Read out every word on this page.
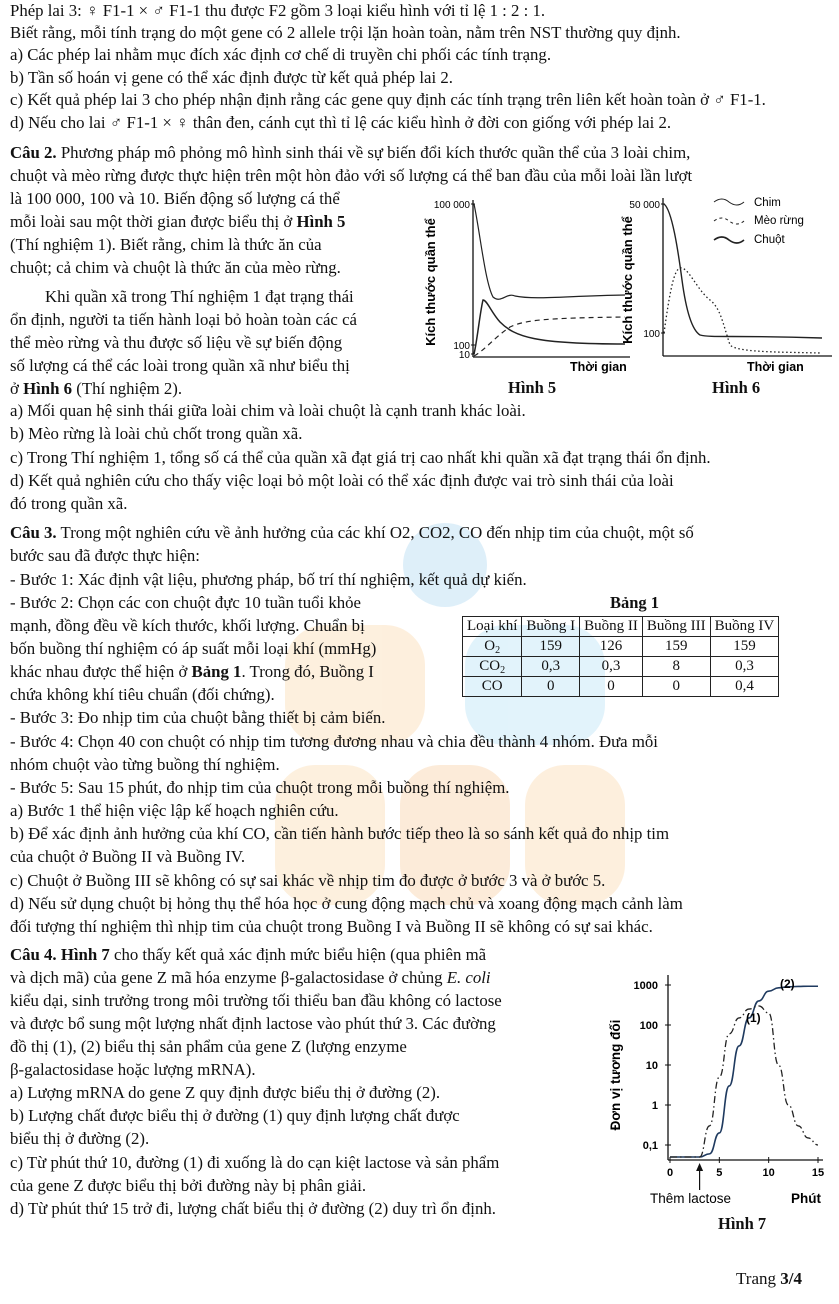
Phép lai 3: ♀ F1-1 × ♂ F1-1 thu được F2 gồm 3 loại kiểu hình với tỉ lệ 1 : 2 : 1.
Biết rằng, mỗi tính trạng do một gene có 2 allele trội lặn hoàn toàn, nằm trên NST thường quy định.
a) Các phép lai nhằm mục đích xác định cơ chế di truyền chi phối các tính trạng.
b) Tần số hoán vị gene có thể xác định được từ kết quả phép lai 2.
c) Kết quả phép lai 3 cho phép nhận định rằng các gene quy định các tính trạng trên liên kết hoàn toàn ở ♂ F1-1.
d) Nếu cho lai ♂ F1-1 × ♀ thân đen, cánh cụt thì tỉ lệ các kiểu hình ở đời con giống với phép lai 2.
Câu 2. Phương pháp mô phỏng mô hình sinh thái về sự biến đổi kích thước quần thể của 3 loài chim,
chuột và mèo rừng được thực hiện trên một hòn đảo với số lượng cá thể ban đầu của mỗi loài lần lượt
là 100 000, 100 và 10. Biến động số lượng cá thể
mỗi loài sau một thời gian được biểu thị ở Hình 5
(Thí nghiệm 1). Biết rằng, chim là thức ăn của
chuột; cả chim và chuột là thức ăn của mèo rừng.
Khi quần xã trong Thí nghiệm 1 đạt trạng thái
ổn định, người ta tiến hành loại bỏ hoàn toàn các cá
thể mèo rừng và thu được số liệu về sự biến động
số lượng cá thể các loài trong quần xã như biểu thị
ở Hình 6 (Thí nghiệm 2).
Kích thước quần thể
100 000
100
10
Thời gian
Hình 5
Kích thước quần thể
50 000
100
Thời gian
Chim
Mèo rừng
Chuột
Hình 6
a) Mối quan hệ sinh thái giữa loài chim và loài chuột là cạnh tranh khác loài.
b) Mèo rừng là loài chủ chốt trong quần xã.
c) Trong Thí nghiệm 1, tổng số cá thể của quần xã đạt giá trị cao nhất khi quần xã đạt trạng thái ổn định.
d) Kết quả nghiên cứu cho thấy việc loại bỏ một loài có thể xác định được vai trò sinh thái của loài
đó trong quần xã.
Câu 3. Trong một nghiên cứu về ảnh hưởng của các khí O2, CO2, CO đến nhịp tim của chuột, một số
bước sau đã được thực hiện:
- Bước 1: Xác định vật liệu, phương pháp, bố trí thí nghiệm, kết quả dự kiến.
- Bước 2: Chọn các con chuột đực 10 tuần tuổi khỏe
mạnh, đồng đều về kích thước, khối lượng. Chuẩn bị
bốn buồng thí nghiệm có áp suất mỗi loại khí (mmHg)
khác nhau được thể hiện ở Bảng 1. Trong đó, Buồng I
chứa không khí tiêu chuẩn (đối chứng).
Bảng 1
Loại khí	Buồng I	Buồng II	Buồng III	Buồng IV
$O_2$	159	126	159	159
$CO_2$	0,3	0,3	8	0,3
CO	0	0	0	0,4
- Bước 3: Đo nhịp tim của chuột bằng thiết bị cảm biến.
- Bước 4: Chọn 40 con chuột có nhịp tim tương đương nhau và chia đều thành 4 nhóm. Đưa mỗi
nhóm chuột vào từng buồng thí nghiệm.
- Bước 5: Sau 15 phút, đo nhịp tim của chuột trong mỗi buồng thí nghiệm.
a) Bước 1 thể hiện việc lập kế hoạch nghiên cứu.
b) Để xác định ảnh hưởng của khí CO, cần tiến hành bước tiếp theo là so sánh kết quả đo nhịp tim
của chuột ở Buồng II và Buồng IV.
c) Chuột ở Buồng III sẽ không có sự sai khác về nhịp tim đo được ở bước 3 và ở bước 5.
d) Nếu sử dụng chuột bị hỏng thụ thể hóa học ở cung động mạch chủ và xoang động mạch cảnh làm
đối tượng thí nghiệm thì nhịp tim của chuột trong Buồng I và Buồng II sẽ không có sự sai khác.
Câu 4. Hình 7 cho thấy kết quả xác định mức biểu hiện (qua phiên mã
và dịch mã) của gene Z mã hóa enzyme β-galactosidase ở chủng E. coli
kiểu dại, sinh trưởng trong môi trường tối thiểu ban đầu không có lactose
và được bổ sung một lượng nhất định lactose vào phút thứ 3. Các đường
đồ thị (1), (2) biểu thị sản phẩm của gene Z (lượng enzyme
β-galactosidase hoặc lượng mRNA).
a) Lượng mRNA do gene Z quy định được biểu thị ở đường (2).
b) Lượng chất được biểu thị ở đường (1) quy định lượng chất được
biểu thị ở đường (2).
c) Từ phút thứ 10, đường (1) đi xuống là do cạn kiệt lactose và sản phẩm
của gene Z được biểu thị bởi đường này bị phân giải.
d) Từ phút thứ 15 trở đi, lượng chất biểu thị ở đường (2) duy trì ổn định.
Đơn vị tương đối
1000
100
10
1
0,1
0	5	10	15
(1)
(2)
Thêm lactose	Phút
Hình 7
Trang 3/4
